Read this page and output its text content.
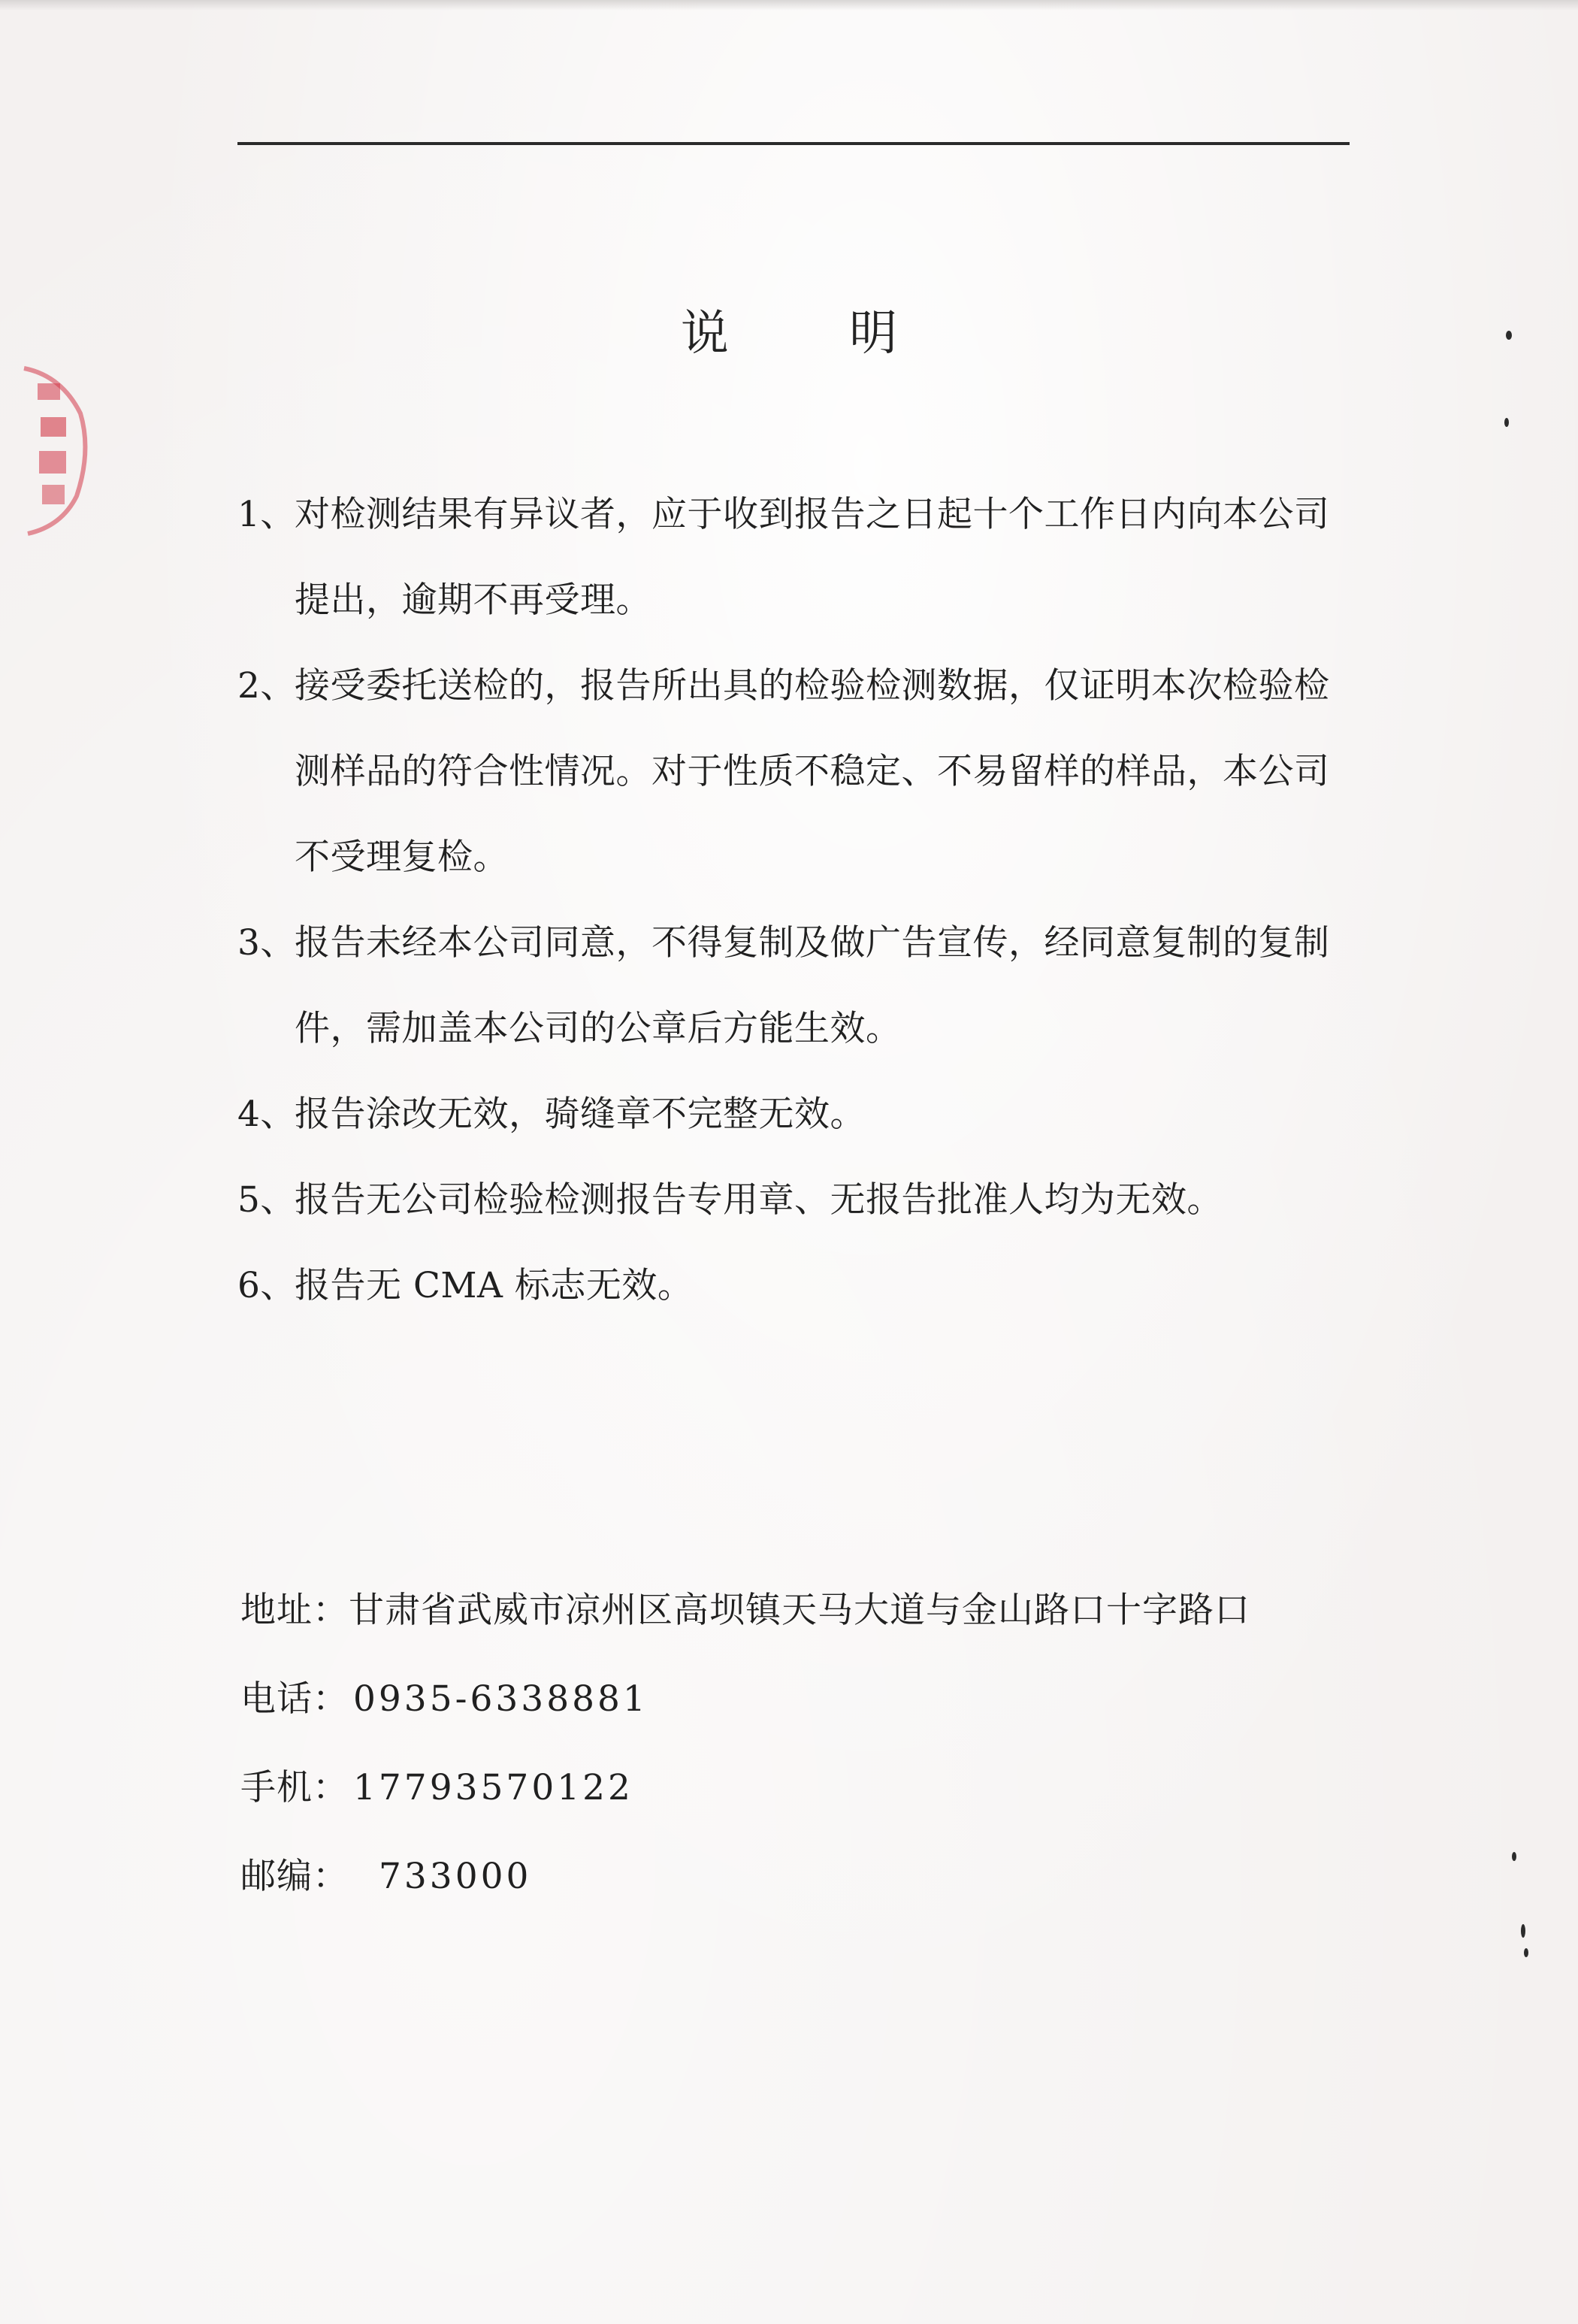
说 明
1、
对检测结果有异议者，应于收到报告之日起十个工作日内向本公司提出，逾期不再受理。
2、
接受委托送检的，报告所出具的检验检测数据，仅证明本次检验检测样品的符合性情况。对于性质不稳定、不易留样的样品，本公司不受理复检。
3、
报告未经本公司同意，不得复制及做广告宣传，经同意复制的复制件，需加盖本公司的公章后方能生效。
4、
报告涂改无效，骑缝章不完整无效。
5、
报告无公司检验检测报告专用章、无报告批准人均为无效。
6、
报告无 CMA 标志无效。
地址：甘肃省武威市凉州区高坝镇天马大道与金山路口十字路口
电话： 0935-6338881
手机： 17793570122
邮编： 733000
